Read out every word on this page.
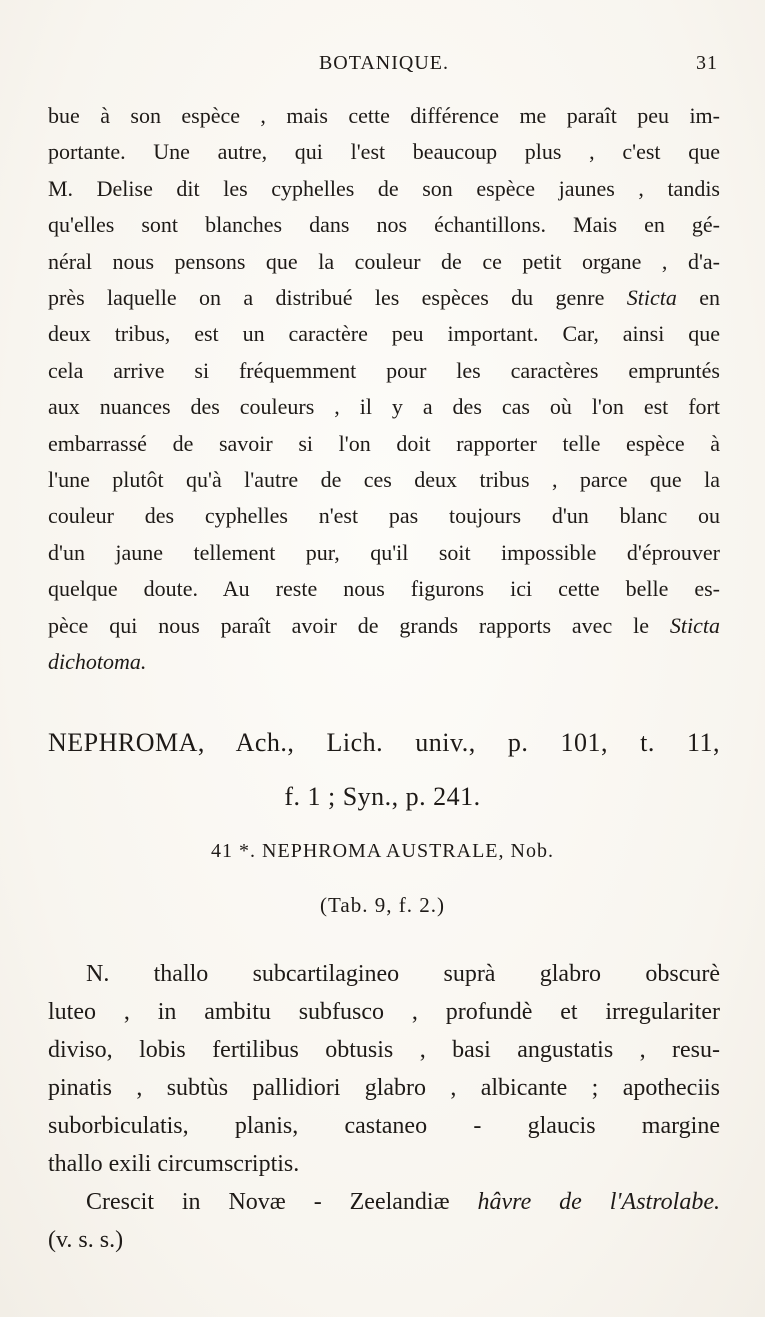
BOTANIQUE.	31
bue à son espèce , mais cette différence me paraît peu im-
portante. Une autre, qui l'est beaucoup plus , c'est que
M. Delise dit les cyphelles de son espèce jaunes , tandis
qu'elles sont blanches dans nos échantillons. Mais en gé-
néral nous pensons que la couleur de ce petit organe , d'a-
près laquelle on a distribué les espèces du genre Sticta en
deux tribus, est un caractère peu important. Car, ainsi que
cela arrive si fréquemment pour les caractères empruntés
aux nuances des couleurs , il y a des cas où l'on est fort
embarrassé de savoir si l'on doit rapporter telle espèce à
l'une plutôt qu'à l'autre de ces deux tribus , parce que la
couleur des cyphelles n'est pas toujours d'un blanc ou
d'un jaune tellement pur, qu'il soit impossible d'éprouver
quelque doute. Au reste nous figurons ici cette belle es-
pèce qui nous paraît avoir de grands rapports avec le Sticta
dichotoma.
NEPHROMA, Ach., Lich. univ., p. 101, t. 11,
f. 1 ; Syn., p. 241.
41 *. NEPHROMA AUSTRALE, Nob.
(Tab. 9, f. 2.)
N. thallo subcartilagineo suprà glabro obscurè
luteo , in ambitu subfusco , profundè et irregulariter
diviso, lobis fertilibus obtusis , basi angustatis , resu-
pinatis , subtùs pallidiori glabro , albicante ; apotheciis
suborbiculatis, planis, castaneo - glaucis margine
thallo exili circumscriptis.
Crescit in Novæ - Zeelandiæ hâvre de l'Astrolabe.
(v. s. s.)
